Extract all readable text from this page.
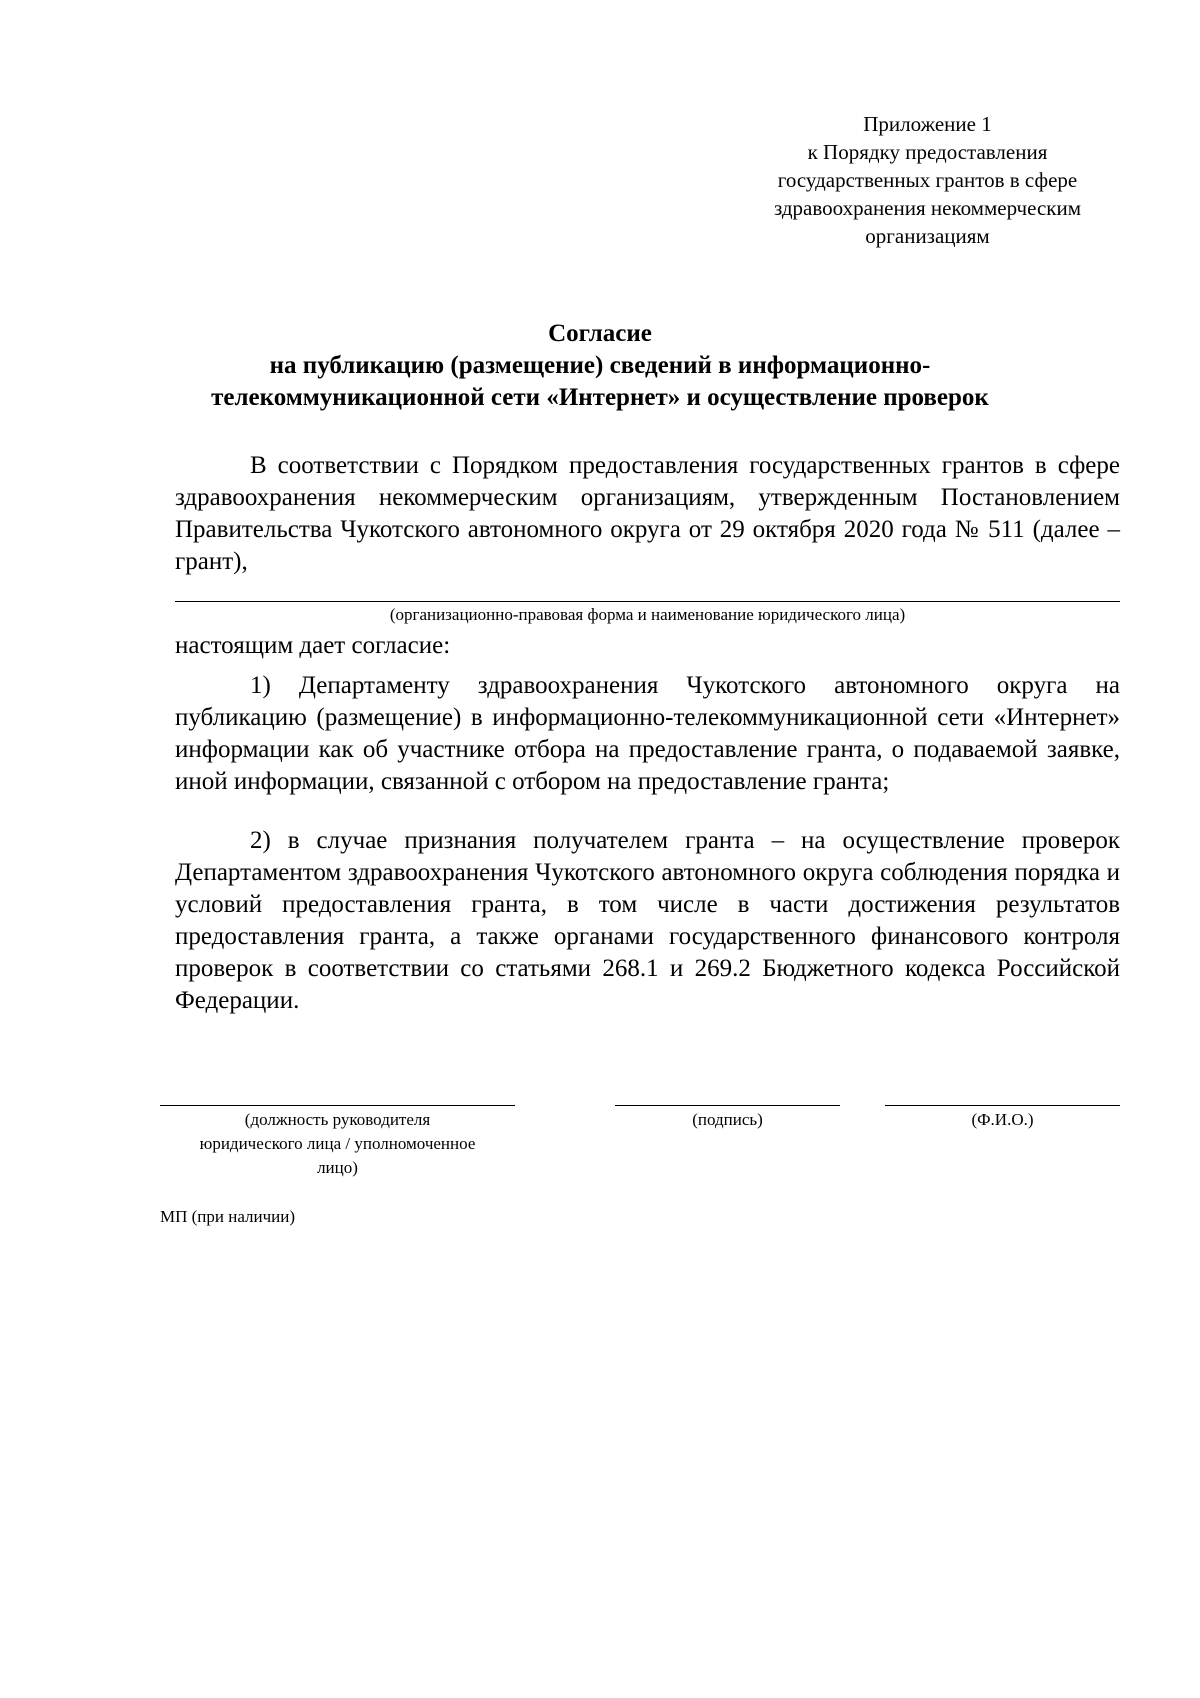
Приложение 1
к Порядку предоставления
государственных грантов в сфере
здравоохранения некоммерческим
организациям
Согласие
на публикацию (размещение) сведений в информационно-
телекоммуникационной сети «Интернет» и осуществление проверок
В соответствии с Порядком предоставления государственных грантов в сфере здравоохранения некоммерческим организациям, утвержденным Постановлением Правительства Чукотского автономного округа от 29 октября 2020 года № 511 (далее – грант),
(организационно-правовая форма и наименование юридического лица)
настоящим дает согласие:
1) Департаменту здравоохранения Чукотского автономного округа на публикацию (размещение) в информационно-телекоммуникационной сети «Интернет» информации как об участнике отбора на предоставление гранта, о подаваемой заявке, иной информации, связанной с отбором на предоставление гранта;
2) в случае признания получателем гранта – на осуществление проверок Департаментом здравоохранения Чукотского автономного округа соблюдения порядка и условий предоставления гранта, в том числе в части достижения результатов предоставления гранта, а также органами государственного финансового контроля проверок в соответствии со статьями 268.1 и 269.2 Бюджетного кодекса Российской Федерации.
(должность руководителя
юридического лица / уполномоченное
лицо)
(подпись)	(Ф.И.О.)
МП (при наличии)
